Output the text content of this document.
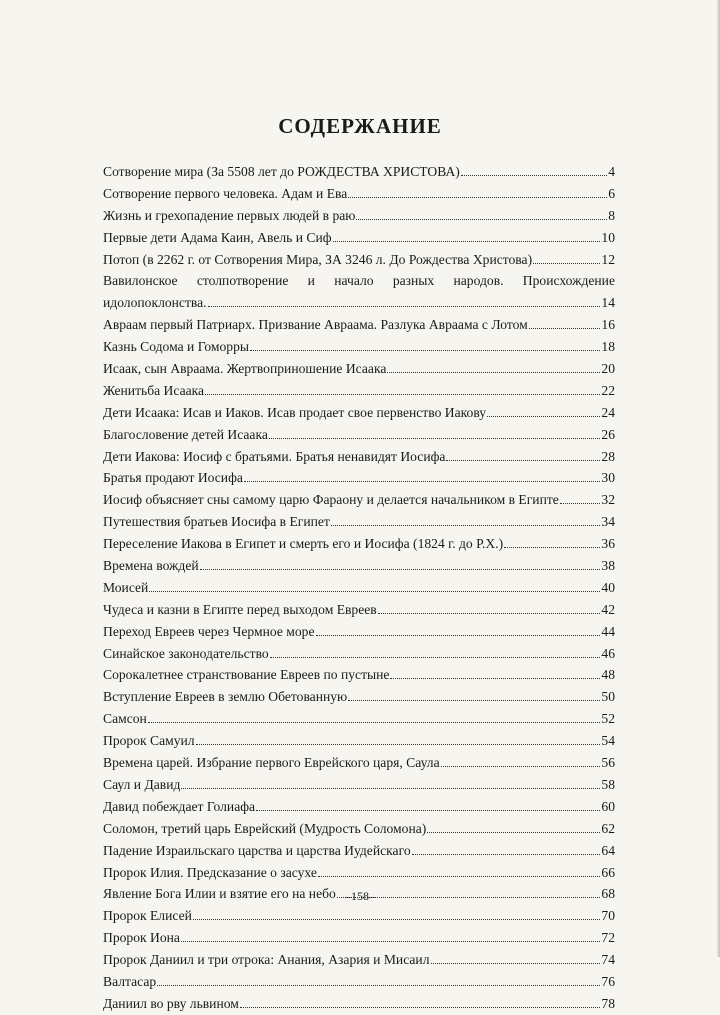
СОДЕРЖАНИЕ
Сотворение мира (За 5508 лет до РОЖДЕСТВА ХРИСТОВА)	4
Сотворение первого человека. Адам и Ева	6
Жизнь и грехопадение первых людей в раю	8
Первые дети Адама Каин, Авель и Сиф	10
Потоп (в 2262 г. от Сотворения Мира, ЗА 3246 л. До Рождества Христова)	12
Вавилонское столпотворение и начало разных народов. Происхождение
идолопоклонства.	14
Авраам первый Патриарх. Призвание Авраама. Разлука Авраама с Лотом	16
Казнь Содома и Гоморры	18
Исаак, сын Авраама. Жертвоприношение Исаака	20
Женитьба Исаака	22
Дети Исаака: Исав и Иаков. Исав продает свое первенство Иакову	24
Благословение детей Исаака	26
Дети Иакова: Иосиф с братьями. Братья ненавидят Иосифа	28
Братья продают Иосифа	30
Иосиф объясняет сны самому царю Фараону и делается начальником в Египте	32
Путешествия братьев Иосифа в Египет	34
Переселение Иакова в Египет и смерть его и Иосифа (1824 г. до Р.Х.)	36
Времена вождей	38
Моисей	40
Чудеса и казни в Египте перед выходом Евреев	42
Переход Евреев через Чермное море	44
Синайское законодательство	46
Сорокалетнее странствование Евреев по пустыне	48
Вступление Евреев в землю Обетованную	50
Самсон	52
Пророк Самуил	54
Времена царей. Избрание первого Еврейского царя, Саула	56
Саул и Давид	58
Давид побеждает Голиафа	60
Соломон, третий царь Еврейский (Мудрость Соломона)	62
Падение Израильскаго царства и царства Иудейскаго	64
Пророк Илия. Предсказание о засухе	66
Явление Бога Илии и взятие его на небо	68
Пророк Елисей	70
Пророк Иона	72
Пророк Даниил и три отрока: Анания, Азария и Мисаил	74
Валтасар	76
Даниил во рву львином	78
–158–
